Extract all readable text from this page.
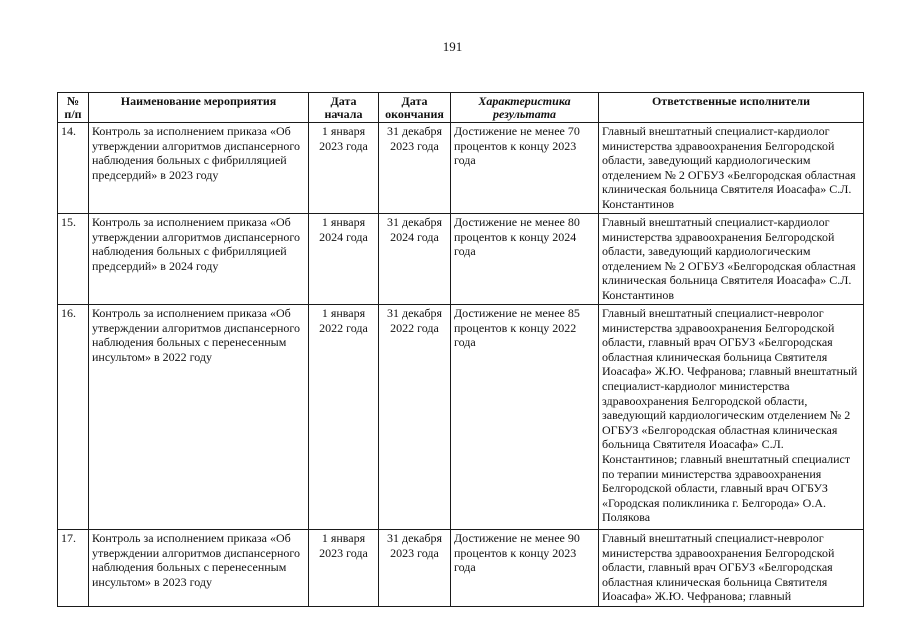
191
№ п/п	Наименование мероприятия	Дата начала	Дата окончания	Характеристика результата	Ответственные исполнители
14.	Контроль за исполнением приказа «Об утверждении алгоритмов диспансерного наблюдения больных с фибрилляцией предсердий» в 2023 году	1 января 2023 года	31 декабря 2023 года	Достижение не менее 70 процентов к концу 2023 года	Главный внештатный специалист-кардиолог министерства здравоохранения Белгородской области, заведующий кардиологическим отделением № 2 ОГБУЗ «Белгородская областная клиническая больница Святителя Иоасафа» С.Л. Константинов
15.	Контроль за исполнением приказа «Об утверждении алгоритмов диспансерного наблюдения больных с фибрилляцией предсердий» в 2024 году	1 января 2024 года	31 декабря 2024 года	Достижение не менее 80 процентов к концу 2024 года	Главный внештатный специалист-кардиолог министерства здравоохранения Белгородской области, заведующий кардиологическим отделением № 2 ОГБУЗ «Белгородская областная клиническая больница Святителя Иоасафа» С.Л. Константинов
16.	Контроль за исполнением приказа «Об утверждении алгоритмов диспансерного наблюдения больных с перенесенным инсультом» в 2022 году	1 января 2022 года	31 декабря 2022 года	Достижение не менее 85 процентов к концу 2022 года	Главный внештатный специалист-невролог министерства здравоохранения Белгородской области, главный врач ОГБУЗ «Белгородская областная клиническая больница Святителя Иоасафа» Ж.Ю. Чефранова; главный внештатный специалист-кардиолог министерства здравоохранения Белгородской области, заведующий кардиологическим отделением № 2 ОГБУЗ «Белгородская областная клиническая больница Святителя Иоасафа» С.Л. Константинов; главный внештатный специалист по терапии министерства здравоохранения Белгородской области, главный врач ОГБУЗ «Городская поликлиника г. Белгорода» О.А. Полякова
17.	Контроль за исполнением приказа «Об утверждении алгоритмов диспансерного наблюдения больных с перенесенным инсультом» в 2023 году	1 января 2023 года	31 декабря 2023 года	Достижение не менее 90 процентов к концу 2023 года	Главный внештатный специалист-невролог министерства здравоохранения Белгородской области, главный врач ОГБУЗ «Белгородская областная клиническая больница Святителя Иоасафа» Ж.Ю. Чефранова; главный
